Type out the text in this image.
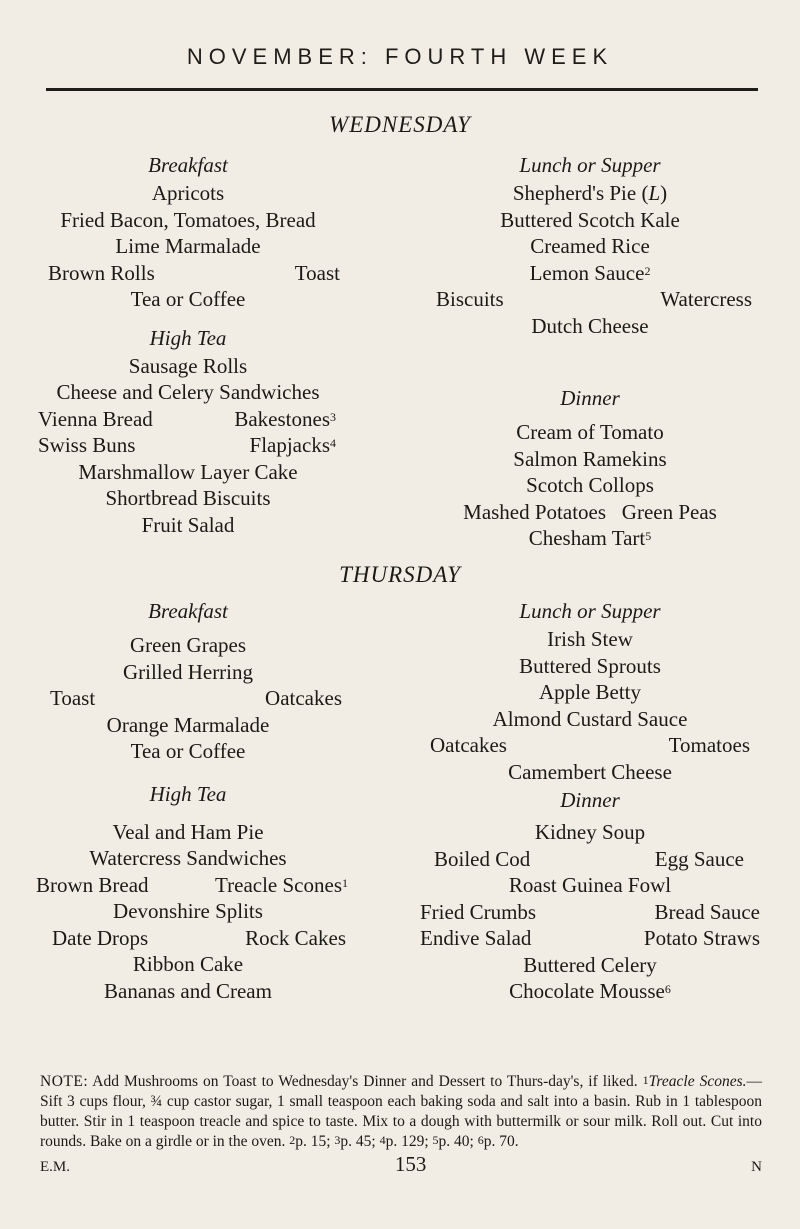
NOVEMBER: FOURTH WEEK
WEDNESDAY
Breakfast
Apricots
Fried Bacon, Tomatoes, Bread
Lime Marmalade
Brown Rolls	Toast
Tea or Coffee
High Tea
Sausage Rolls
Cheese and Celery Sandwiches
Vienna Bread	Bakestones$^3$
Swiss Buns	Flapjacks$^4$
Marshmallow Layer Cake
Shortbread Biscuits
Fruit Salad
Lunch or Supper
Shepherd's Pie (L)
Buttered Scotch Kale
Creamed Rice
Lemon Sauce$^2$
Biscuits	Watercress
Dutch Cheese
Dinner
Cream of Tomato
Salmon Ramekins
Scotch Collops
Mashed Potatoes   Green Peas
Chesham Tart$^5$
THURSDAY
Breakfast
Green Grapes
Grilled Herring
Toast	Oatcakes
Orange Marmalade
Tea or Coffee
High Tea
Veal and Ham Pie
Watercress Sandwiches
Brown Bread	Treacle Scones$^1$
Devonshire Splits
Date Drops	Rock Cakes
Ribbon Cake
Bananas and Cream
Lunch or Supper
Irish Stew
Buttered Sprouts
Apple Betty
Almond Custard Sauce
Oatcakes	Tomatoes
Camembert Cheese
Dinner
Kidney Soup
Boiled Cod	Egg Sauce
Roast Guinea Fowl
Fried Crumbs	Bread Sauce
Endive Salad	Potato Straws
Buttered Celery
Chocolate Mousse$^6$
NOTE: Add Mushrooms on Toast to Wednesday's Dinner and Dessert to Thurs-day's, if liked. $^1$Treacle Scones.—Sift 3 cups flour, ¾ cup castor sugar, 1 small teaspoon each baking soda and salt into a basin. Rub in 1 tablespoon butter. Stir in 1 teaspoon treacle and spice to taste. Mix to a dough with buttermilk or sour milk. Roll out. Cut into rounds. Bake on a girdle or in the oven. $^2$p. 15; $^3$p. 45; $^4$p. 129; $^5$p. 40; $^6$p. 70.
E.M.	153	N
